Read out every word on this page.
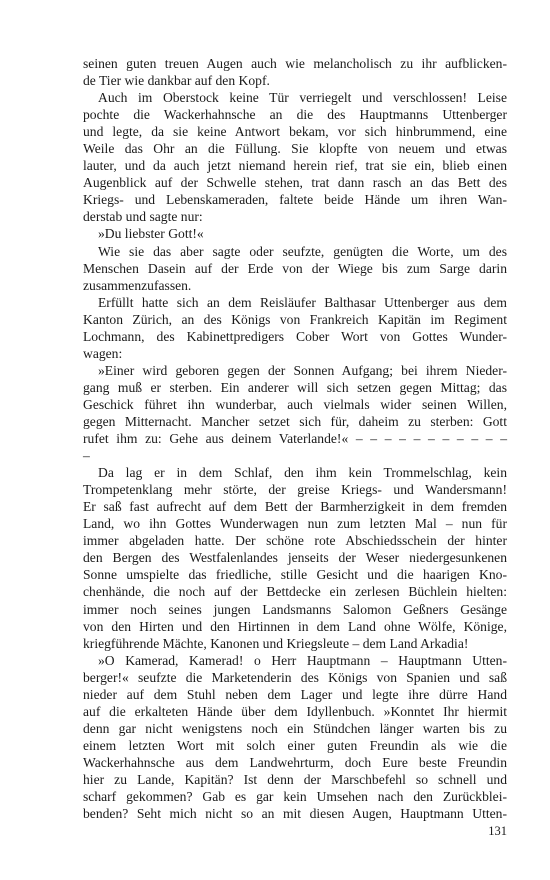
seinen guten treuen Augen auch wie melancholisch zu ihr aufblicken-

de Tier wie dankbar auf den Kopf.

Auch im Oberstock keine Tür verriegelt und verschlossen! Leise

pochte die Wackerhahnsche an die des Hauptmanns Uttenberger

und legte, da sie keine Antwort bekam, vor sich hinbrummend, eine

Weile das Ohr an die Füllung. Sie klopfte von neuem und etwas

lauter, und da auch jetzt niemand herein rief, trat sie ein, blieb einen

Augenblick auf der Schwelle stehen, trat dann rasch an das Bett des

Kriegs- und Lebenskameraden, faltete beide Hände um ihren Wan-

derstab und sagte nur:

»Du liebster Gott!«

Wie sie das aber sagte oder seufzte, genügten die Worte, um des

Menschen Dasein auf der Erde von der Wiege bis zum Sarge darin

zusammenzufassen.

Erfüllt hatte sich an dem Reisläufer Balthasar Uttenberger aus dem

Kanton Zürich, an des Königs von Frankreich Kapitän im Regiment

Lochmann, des Kabinettpredigers Cober Wort von Gottes Wunder-

wagen:

»Einer wird geboren gegen der Sonnen Aufgang; bei ihrem Nieder-

gang muß er sterben. Ein anderer will sich setzen gegen Mittag; das

Geschick führet ihn wunderbar, auch vielmals wider seinen Willen,

gegen Mitternacht. Mancher setzet sich für, daheim zu sterben: Gott

rufet ihm zu: Gehe aus deinem Vaterlande!« – – – – – – – – – – –

–

Da lag er in dem Schlaf, den ihm kein Trommelschlag, kein

Trompetenklang mehr störte, der greise Kriegs- und Wandersmann!

Er saß fast aufrecht auf dem Bett der Barmherzigkeit in dem fremden

Land, wo ihn Gottes Wunderwagen nun zum letzten Mal – nun für

immer abgeladen hatte. Der schöne rote Abschiedsschein der hinter

den Bergen des Westfalenlandes jenseits der Weser niedergesunkenen

Sonne umspielte das friedliche, stille Gesicht und die haarigen Kno-

chenhände, die noch auf der Bettdecke ein zerlesen Büchlein hielten:

immer noch seines jungen Landsmanns Salomon Geßners Gesänge

von den Hirten und den Hirtinnen in dem Land ohne Wölfe, Könige,

kriegführende Mächte, Kanonen und Kriegsleute – dem Land Arkadia!

»O Kamerad, Kamerad! o Herr Hauptmann – Hauptmann Utten-

berger!« seufzte die Marketenderin des Königs von Spanien und saß

nieder auf dem Stuhl neben dem Lager und legte ihre dürre Hand

auf die erkalteten Hände über dem Idyllenbuch. »Konntet Ihr hiermit

denn gar nicht wenigstens noch ein Stündchen länger warten bis zu

einem letzten Wort mit solch einer guten Freundin als wie die

Wackerhahnsche aus dem Landwehrturm, doch Eure beste Freundin

hier zu Lande, Kapitän? Ist denn der Marschbefehl so schnell und

scharf gekommen? Gab es gar kein Umsehen nach den Zurückblei-

benden? Seht mich nicht so an mit diesen Augen, Hauptmann Utten-

131
